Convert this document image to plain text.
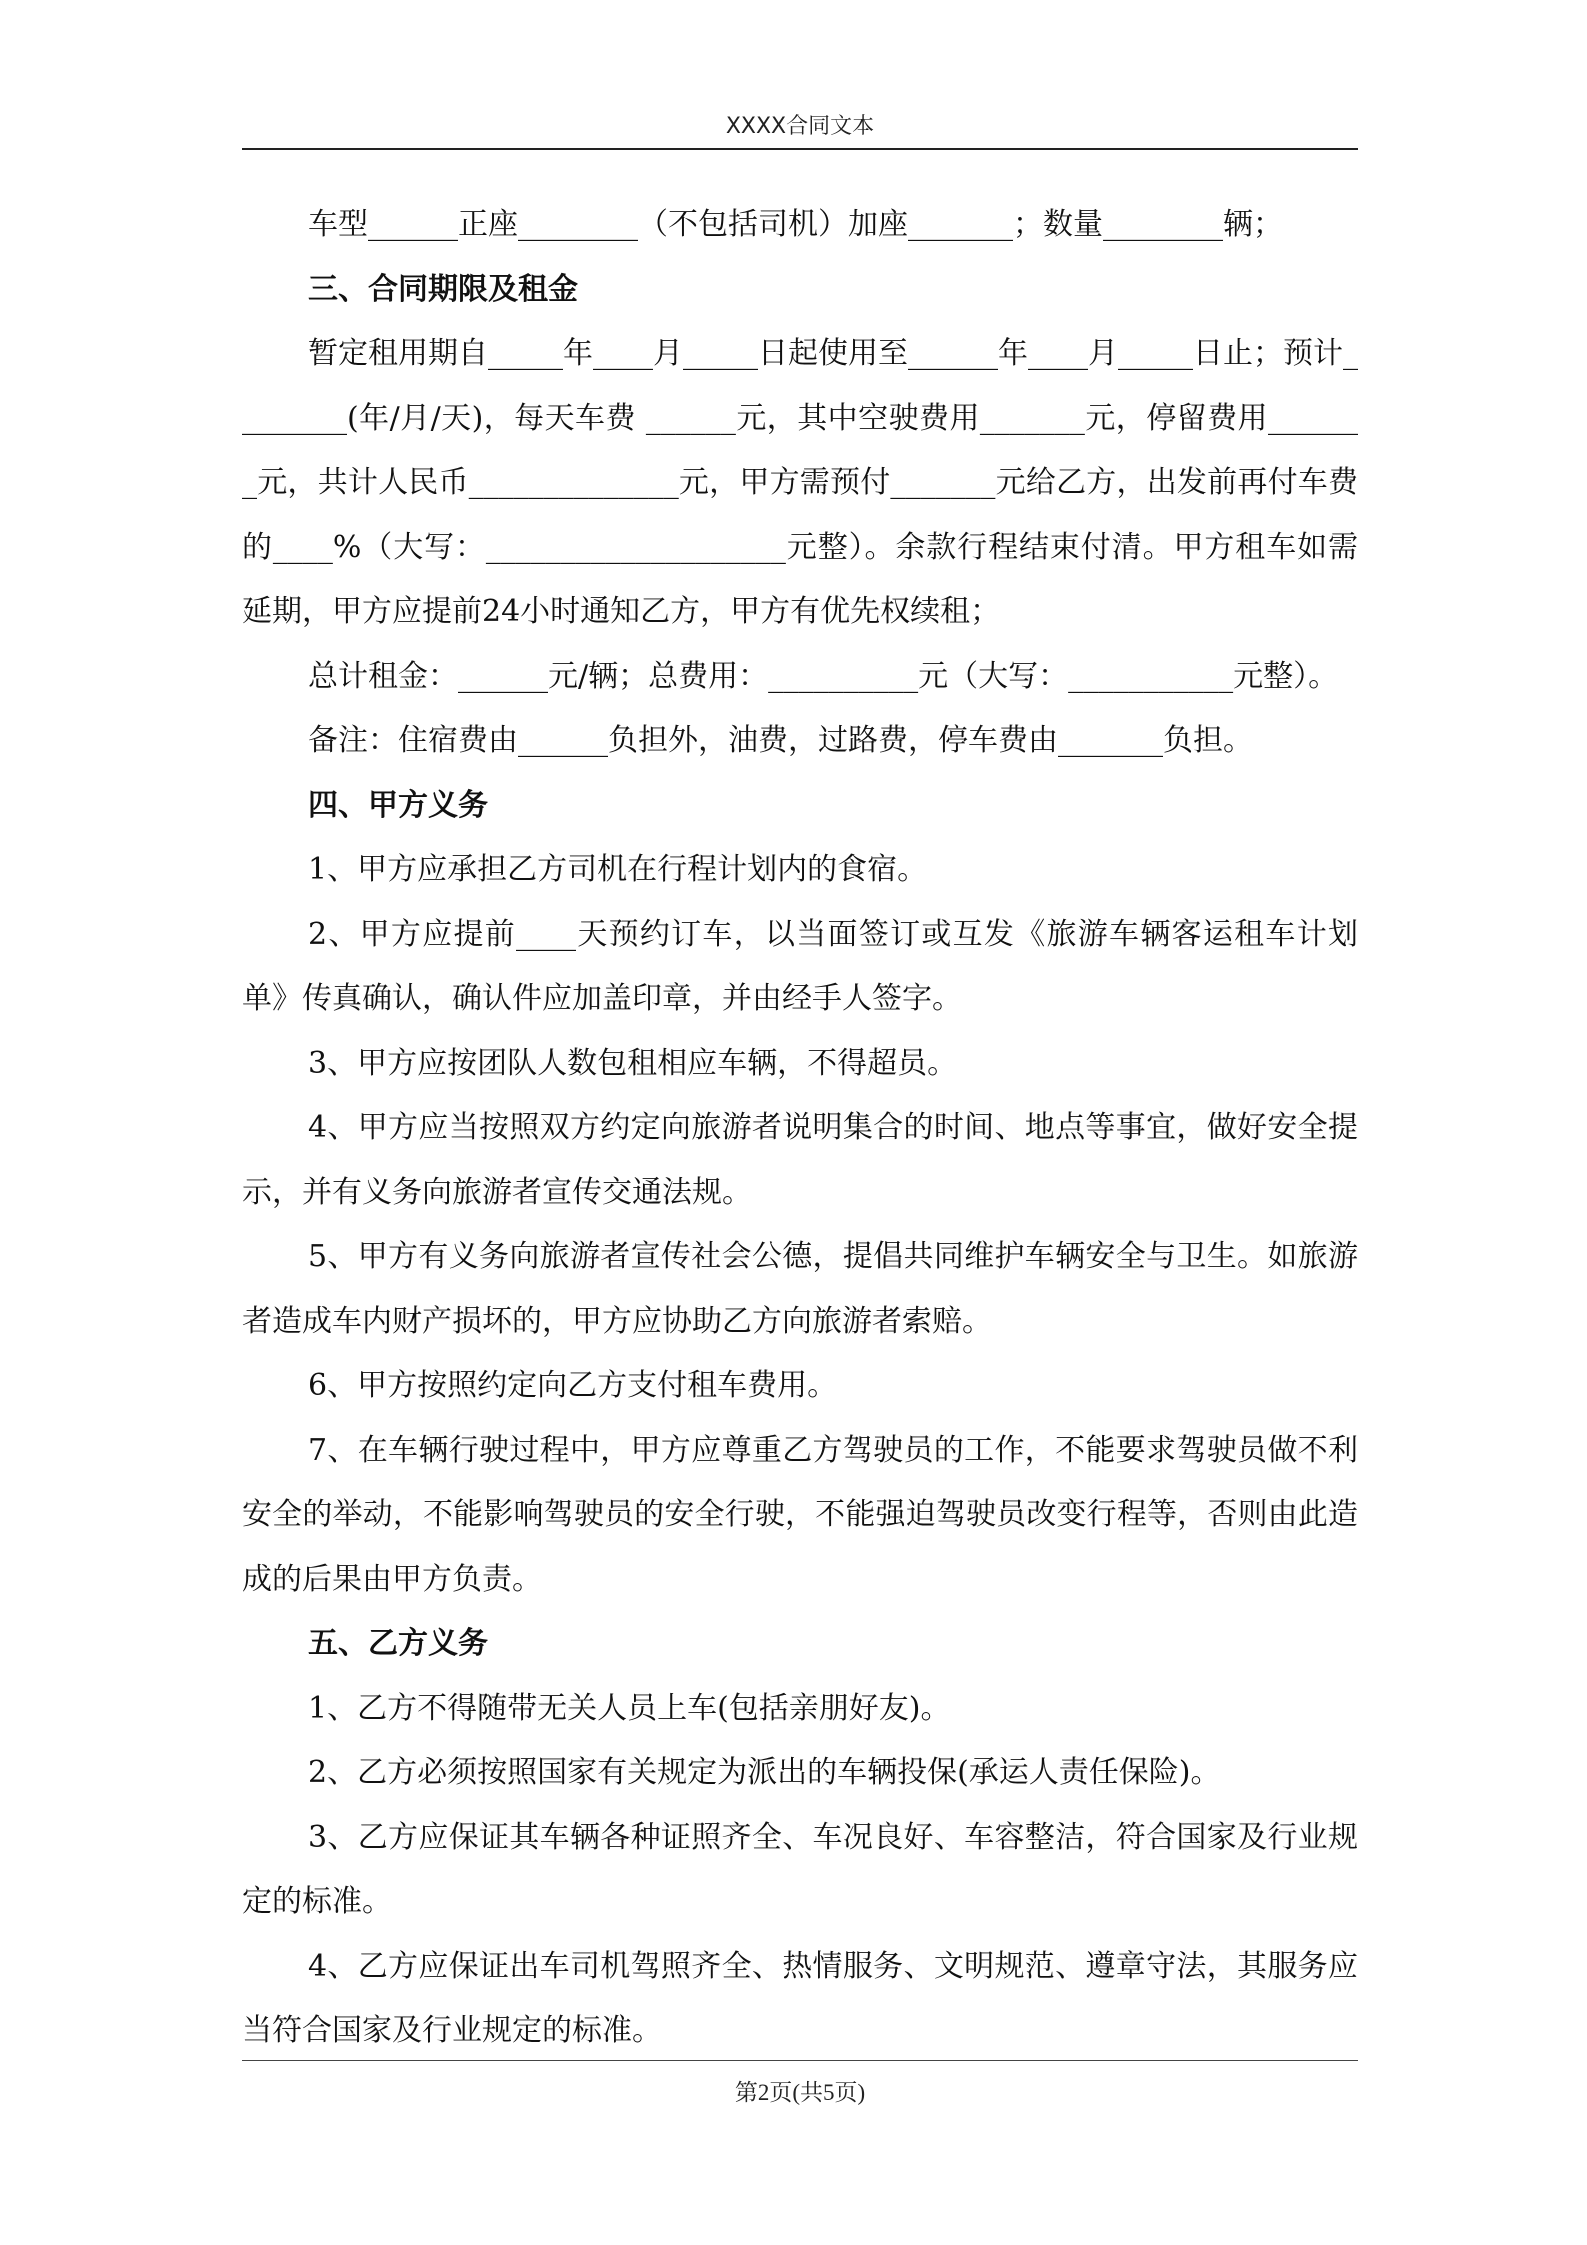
XXXX合同文本

车型______正座________（不包括司机）加座_______；数量________辆；

三、合同期限及租金

暂定租用期自_____年____月_____日起使用至______年____月_____日止；预计________(年/月/天)，每天车费 ______元，其中空驶费用_______元，停留费用_______元，共计人民币______________元，甲方需预付_______元给乙方，出发前再付车费的____%（大写：____________________元整）。余款行程结束付清。甲方租车如需延期，甲方应提前24小时通知乙方，甲方有优先权续租；

总计租金：______元/辆；总费用：__________元（大写：___________元整）。

备注：住宿费由______负担外，油费，过路费，停车费由_______负担。

四、甲方义务

1、甲方应承担乙方司机在行程计划内的食宿。

2、甲方应提前____天预约订车，以当面签订或互发《旅游车辆客运租车计划单》传真确认，确认件应加盖印章，并由经手人签字。

3、甲方应按团队人数包租相应车辆，不得超员。

4、甲方应当按照双方约定向旅游者说明集合的时间、地点等事宜，做好安全提示，并有义务向旅游者宣传交通法规。

5、甲方有义务向旅游者宣传社会公德，提倡共同维护车辆安全与卫生。如旅游者造成车内财产损坏的，甲方应协助乙方向旅游者索赔。

6、甲方按照约定向乙方支付租车费用。

7、在车辆行驶过程中，甲方应尊重乙方驾驶员的工作，不能要求驾驶员做不利安全的举动，不能影响驾驶员的安全行驶，不能强迫驾驶员改变行程等，否则由此造成的后果由甲方负责。

五、乙方义务

1、乙方不得随带无关人员上车(包括亲朋好友)。

2、乙方必须按照国家有关规定为派出的车辆投保(承运人责任保险)。

3、乙方应保证其车辆各种证照齐全、车况良好、车容整洁，符合国家及行业规定的标准。

4、乙方应保证出车司机驾照齐全、热情服务、文明规范、遵章守法，其服务应当符合国家及行业规定的标准。

第2页(共5页)
